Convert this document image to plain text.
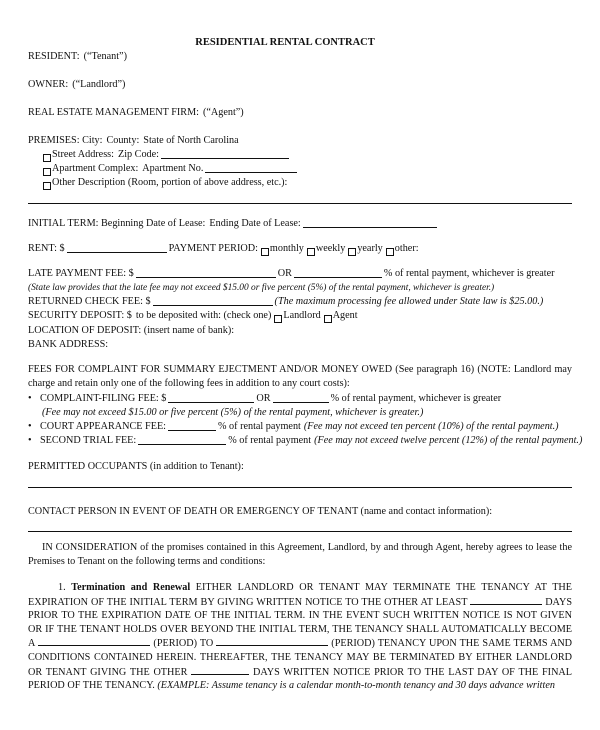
RESIDENTIAL RENTAL CONTRACT
RESIDENT: (“Tenant”)
OWNER: (“Landlord”)
REAL ESTATE MANAGEMENT FIRM: (“Agent”)
PREMISES: City: County: State of North Carolina
Street Address: Zip Code:
Apartment Complex: Apartment No.
Other Description (Room, portion of above address, etc.):
INITIAL TERM: Beginning Date of Lease: Ending Date of Lease:
RENT: $	PAYMENT PERIOD: monthly weekly yearly other:
LATE PAYMENT FEE: $	OR	% of rental payment, whichever is greater
(State law provides that the late fee may not exceed $15.00 or five percent (5%) of the rental payment, whichever is greater.)
RETURNED CHECK FEE: $	(The maximum processing fee allowed under State law is $25.00.)
SECURITY DEPOSIT: $ to be deposited with: (check one) Landlord Agent
LOCATION OF DEPOSIT: (insert name of bank):
BANK ADDRESS:
FEES FOR COMPLAINT FOR SUMMARY EJECTMENT AND/OR MONEY OWED (See paragraph 16) (NOTE: Landlord may charge and retain only one of the following fees in addition to any court costs):
• COMPLAINT-FILING FEE: $	OR	% of rental payment, whichever is greater
(Fee may not exceed $15.00 or five percent (5%) of the rental payment, whichever is greater.)
• COURT APPEARANCE FEE:	% of rental payment (Fee may not exceed ten percent (10%) of the rental payment.)
• SECOND TRIAL FEE:	% of rental payment (Fee may not exceed twelve percent (12%) of the rental payment.)
PERMITTED OCCUPANTS (in addition to Tenant):
CONTACT PERSON IN EVENT OF DEATH OR EMERGENCY OF TENANT (name and contact information):
IN CONSIDERATION of the promises contained in this Agreement, Landlord, by and through Agent, hereby agrees to lease the Premises to Tenant on the following terms and conditions:
1. Termination and Renewal EITHER LANDLORD OR TENANT MAY TERMINATE THE TENANCY AT THE EXPIRATION OF THE INITIAL TERM BY GIVING WRITTEN NOTICE TO THE OTHER AT LEAST	DAYS PRIOR TO THE EXPIRATION DATE OF THE INITIAL TERM. IN THE EVENT SUCH WRITTEN NOTICE IS NOT GIVEN OR IF THE TENANT HOLDS OVER BEYOND THE INITIAL TERM, THE TENANCY SHALL AUTOMATICALLY BECOME A	(PERIOD) TO	(PERIOD) TENANCY UPON THE SAME TERMS AND CONDITIONS CONTAINED HEREIN. THEREAFTER, THE TENANCY MAY BE TERMINATED BY EITHER LANDLORD OR TENANT GIVING THE OTHER	DAYS WRITTEN NOTICE PRIOR TO THE LAST DAY OF THE FINAL PERIOD OF THE TENANCY. (EXAMPLE: Assume tenancy is a calendar month-to-month tenancy and 30 days advance written
